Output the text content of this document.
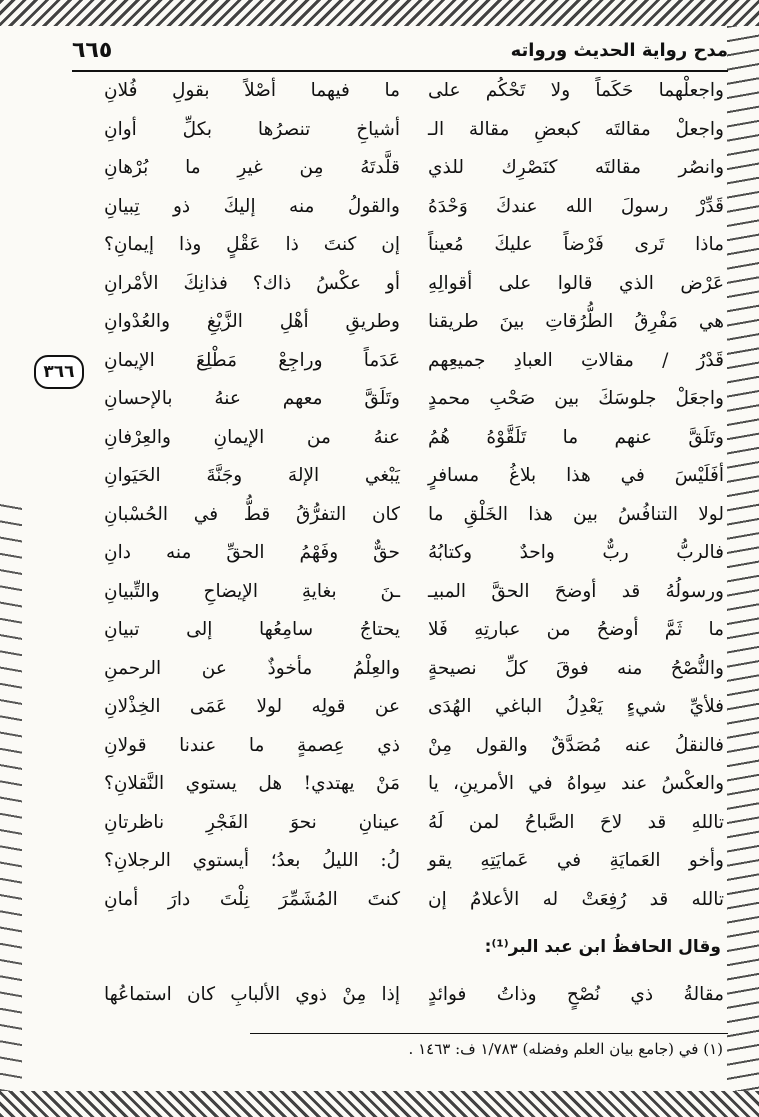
٦٦٥	مدح رواية الحديث ورواته
٣٦٦
واجعلْهما حَكَماً ولا تَحْكُم على
ما فيهما أصْلاً بقولِ فُلانِ
واجعلْ مقالتَه كبعضِ مقالة الـ
أشياخِ تنصرُها بكلِّ أوانِ
وانصُر مقالتَه كنَصْرِك للذي
قلَّدتَهُ مِن غيرِ ما بُرْهانِ
قَدِّرْ رسولَ الله عندكَ وَحْدَهُ
والقولُ منه إليكَ ذو تِبيانِ
ماذا تَرى فَرْضاً عليكَ مُعيناً
إن كنتَ ذا عَقْلٍ وذا إيمانِ؟
عَرْض الذي قالوا على أقوالِهِ
أو عكْسُ ذاك؟ فذانِكَ الأمْرانِ
هي مَفْرِقُ الطُّرُقاتِ بينَ طريقنا
وطريقِ أهْلِ الزَّيْغِ والعُدْوانِ
قَدْرُ / مقالاتِ العبادِ جميعِهم
عَدَماً وراجِعْ مَطْلِعَ الإيمانِ
واجعَلْ جلوسَكَ بين صَحْبِ محمدٍ
وتَلَقَّ معهم عنهُ بالإحسانِ
وتَلَقَّ عنهم ما تَلَقَّوْهُ هُمُ
عنهُ من الإيمانِ والعِرْفانِ
أفَلَيْسَ في هذا بلاغُ مسافرٍ
يَبْغي الإلهَ وجَنَّةَ الحَيَوانِ
لولا التنافُسُ بين هذا الخَلْقِ ما
كان التفرُّقُ قطُّ في الحُسْبانِ
فالربُّ ربٌّ واحدٌ وكتابُهُ
حقٌّ وفَهْمُ الحقِّ منه دانِ
ورسولُهُ قد أوضحَ الحقَّ المبيـ
ـنَ بغايةِ الإيضاحِ والتِّبيانِ
ما ثَمَّ أوضحُ من عبارتِهِ فَلا
يحتاجُ سامِعُها إلى تبيانِ
والنُّصْحُ منه فوقَ كلِّ نصيحةٍ
والعِلْمُ مأخوذٌ عن الرحمنِ
فلأيِّ شيءٍ يَعْدِلُ الباغي الهُدَى
عن قولِه لولا عَمَى الخِذْلانِ
فالنقلُ عنه مُصَدَّقٌ والقول مِنْ
ذي عِصمةٍ ما عندنا قولانِ
والعكْسُ عند سِواهُ في الأمرينِ، يا
مَنْ يهتدي! هل يستوي النَّقلانِ؟
تاللهِ قد لاحَ الصَّباحُ لمن لَهُ
عينانِ نحوَ الفَجْرِ ناظرتانِ
وأخو العَمايَةِ في عَمايَتِهِ يقو
لُ: الليلُ بعدُ؛ أيستوي الرجلانِ؟
تالله قد رُفِعَتْ له الأعلامُ إن
كنتَ المُشَمِّرَ نِلْتَ دارَ أمانِ
وقال الحافظُ ابن عبد البر⁽¹⁾:
مقالةُ ذي نُصْحٍ وذاتُ فوائدٍ
إذا مِنْ ذوي الألبابِ كان استماعُها
(١) في (جامع بيان العلم وفضله) ١/٧٨٣ ف: ١٤٦٣ .
